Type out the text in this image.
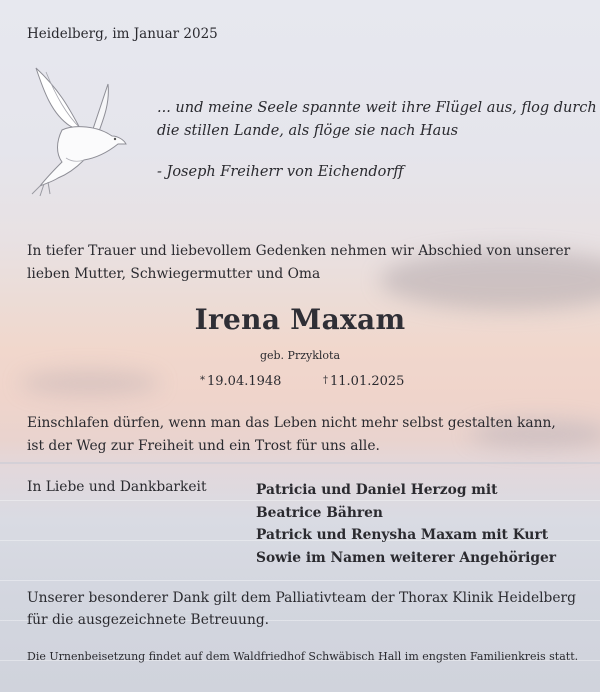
Heidelberg, im Januar 2025
... und meine Seele spannte weit ihre Flügel aus, flog durch
die stillen Lande, als flöge sie nach Haus
- Joseph Freiherr von Eichendorff
In tiefer Trauer und liebevollem Gedenken nehmen wir Abschied von unserer lieben Mutter, Schwiegermutter und Oma
Irena Maxam
geb. Przyklota
* 19.04.1948	† 11.01.2025
Einschlafen dürfen, wenn man das Leben nicht mehr selbst gestalten kann, ist der Weg zur Freiheit und ein Trost für uns alle.
In Liebe und Dankbarkeit	Patricia und Daniel Herzog mit
Beatrice Bähren
Patrick und Renysha Maxam mit Kurt
Sowie im Namen weiterer Angehöriger
Unserer besonderer Dank gilt dem Palliativteam der Thorax Klinik Heidelberg für die ausgezeichnete Betreuung.
Die Urnenbeisetzung findet auf dem Waldfriedhof Schwäbisch Hall im engsten Familienkreis statt.
